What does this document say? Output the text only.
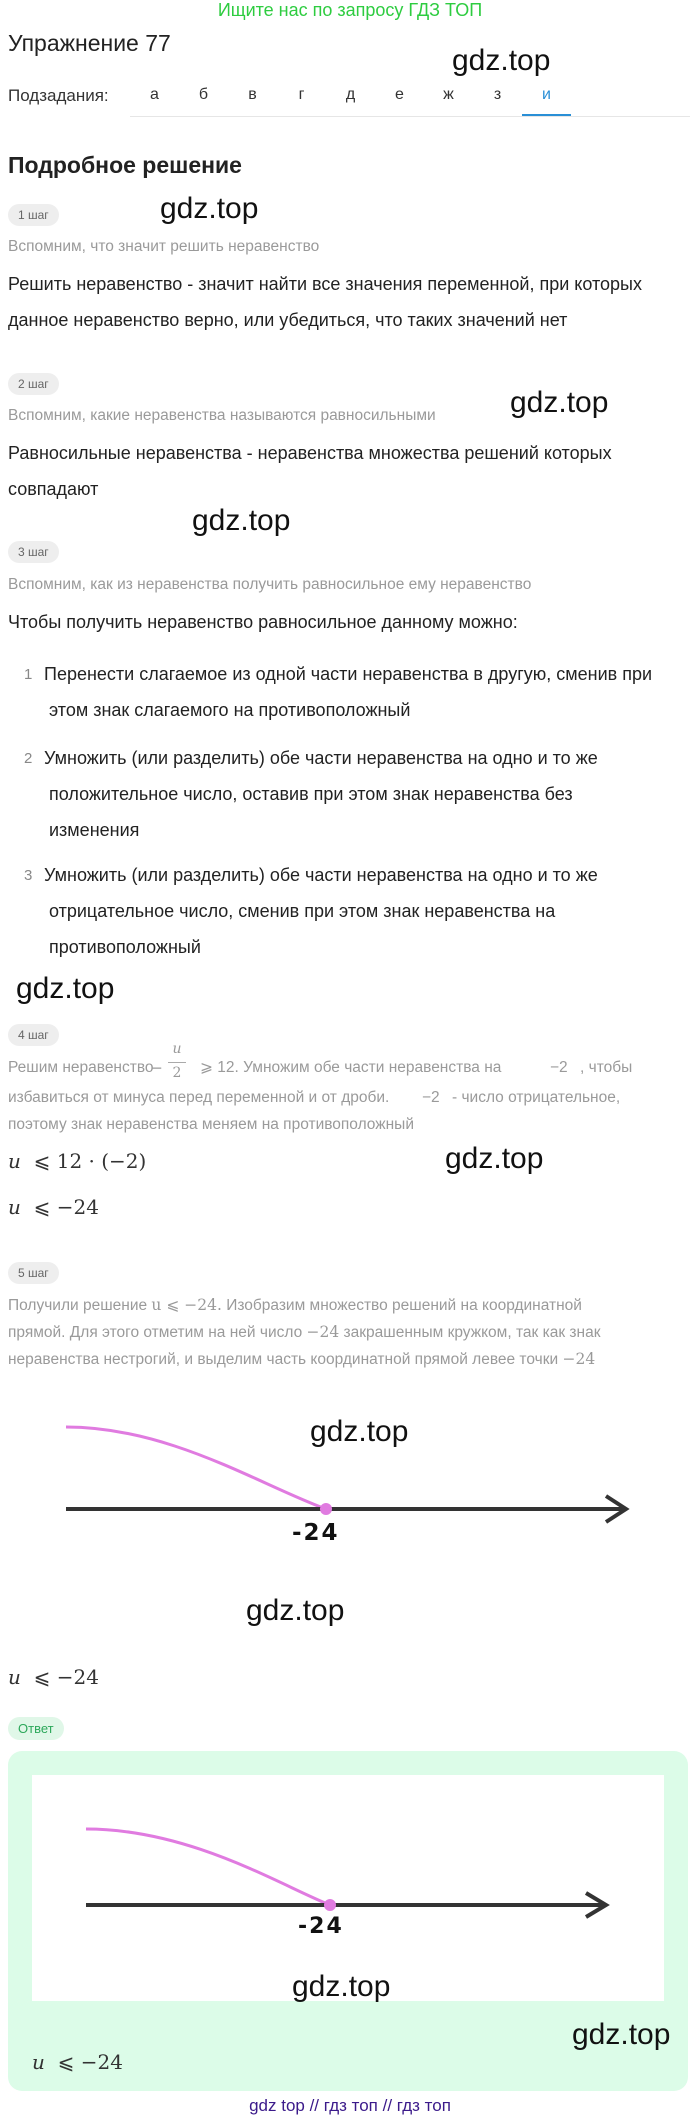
Ищите нас по запросу ГДЗ ТОП
Упражнение 77
gdz.top
Подзадания:	а	б	в	г	д	е	ж	з	и
Подробное решение
1 шаг	gdz.top
Вспомним, что значит решить неравенство
Решить неравенство - значит найти все значения переменной, при которых данное неравенство верно, или убедиться, что таких значений нет
2 шаг
gdz.top
Вспомним, какие неравенства называются равносильными
Равносильные неравенства - неравенства множества решений которых совпадают
gdz.top
3 шаг
Вспомним, как из неравенства получить равносильное ему неравенство
Чтобы получить неравенство равносильное данному можно:
1 Перенести слагаемое из одной части неравенства в другую, сменив при
этом знак слагаемого на противоположный
2 Умножить (или разделить) обе части неравенства на одно и то же
положительное число, оставив при этом знак неравенства без
изменения
3 Умножить (или разделить) обе части неравенства на одно и то же
отрицательное число, сменив при этом знак неравенства на
противоположный
gdz.top
4 шаг
Решим неравенство
−
u
2 ⩾ 12. Умножим обе части неравенства на	−2 , чтобы
избавиться от минуса перед переменной и от дроби. −2 - число отрицательное,
поэтому знак неравенства меняем на противоположный
u ⩽ 12 · (−2)	gdz.top
u ⩽ −24
5 шаг
Получили решение u ⩽ −24. Изобразим множество решений на координатной
прямой. Для этого отметим на ней число −24 закрашенным кружком, так как знак
неравенства нестрогий, и выделим часть координатной прямой левее точки −24
-24
gdz.top
gdz.top
u ⩽ −24
Ответ
-24
gdz.top
gdz.top
u ⩽ −24
gdz top // гдз топ // гдз топ
